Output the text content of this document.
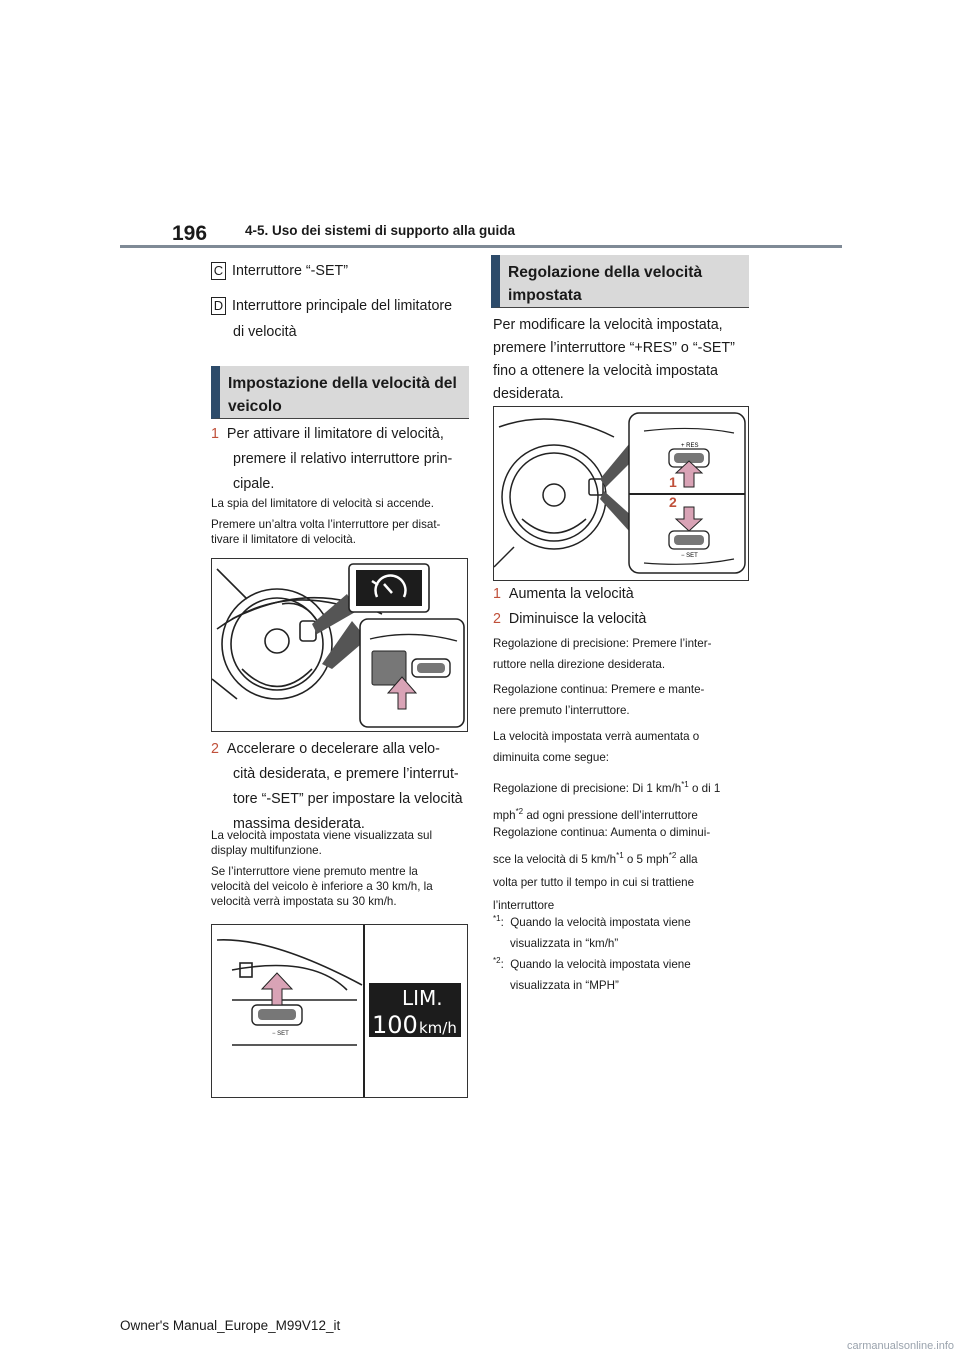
196	4-5. Uso dei sistemi di supporto alla guida
C Interruttore “-SET”
D Interruttore principale del limitatore
di velocità
Impostazione della velocità del veicolo
1 Per attivare il limitatore di velocità,
premere il relativo interruttore prin-
cipale.
La spia del limitatore di velocità si accende.
Premere un’altra volta l’interruttore per disat-
tivare il limitatore di velocità.
2 Accelerare o decelerare alla velo-
cità desiderata, e premere l’interrut-
tore “-SET” per impostare la velocità
massima desiderata.
La velocità impostata viene visualizzata sul
display multifunzione.
Se l’interruttore viene premuto mentre la
velocità del veicolo è inferiore a 30 km/h, la
velocità verrà impostata su 30 km/h.
− SET
LIM.
100 km/h
Regolazione della velocità impostata
Per modificare la velocità impostata,
premere l’interruttore “+RES” o “-SET”
fino a ottenere la velocità impostata
desiderata.
+ RES
1
2
− SET
1 Aumenta la velocità
2 Diminuisce la velocità
Regolazione di precisione: Premere l’inter-
ruttore nella direzione desiderata.
Regolazione continua: Premere e mante-
nere premuto l’interruttore.
La velocità impostata verrà aumentata o
diminuita come segue:
Regolazione di precisione: Di 1 $km/h^{*1}$ o di 1
mph$^{*2}$ ad ogni pressione dell’interruttore
Regolazione continua: Aumenta o diminui-
sce la velocità di 5 $km/h^{*1}$ o 5 mph$^{*2}$ alla
volta per tutto il tempo in cui si trattiene
l’interruttore
$^{*1}$:  Quando la velocità impostata viene
visualizzata in “km/h”
$^{*2}$:  Quando la velocità impostata viene
visualizzata in “MPH”
Owner's Manual_Europe_M99V12_it
carmanualsonline.info
